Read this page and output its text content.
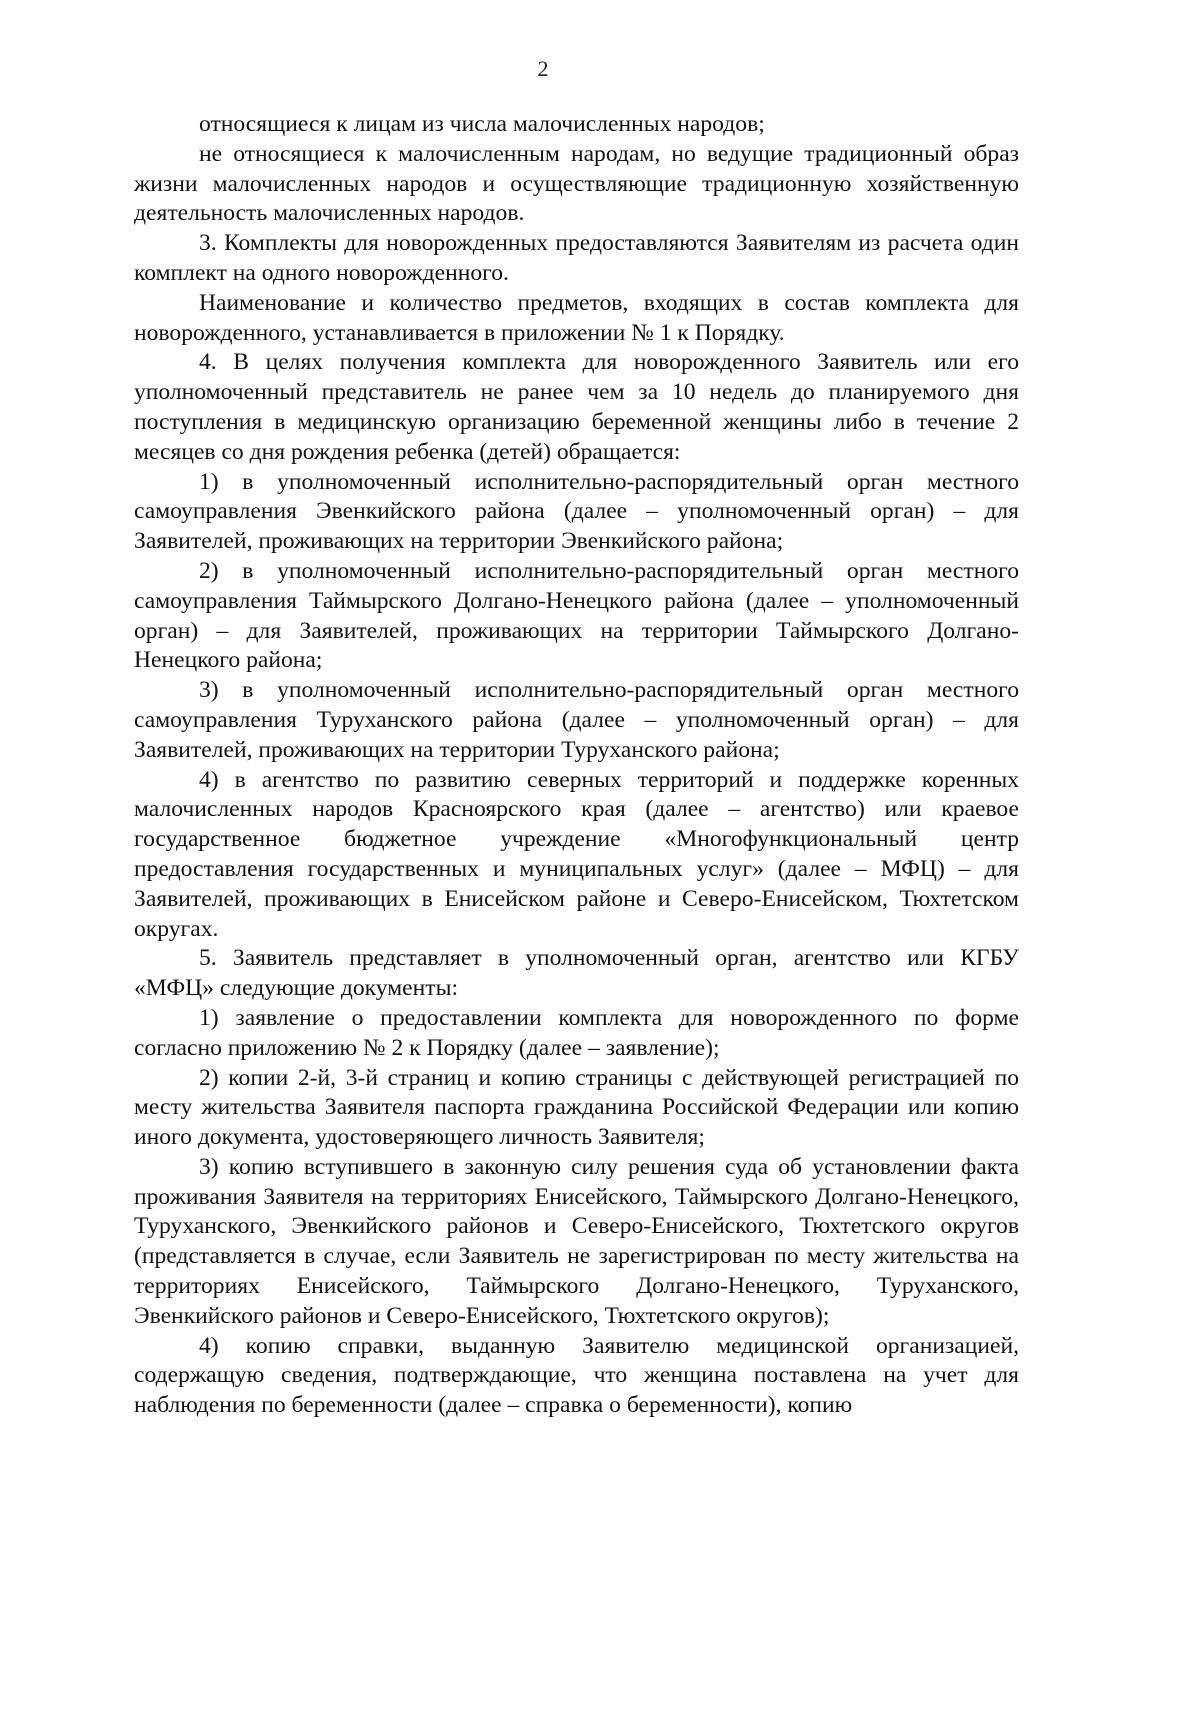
2

относящиеся к лицам из числа малочисленных народов;

не относящиеся к малочисленным народам, но ведущие традиционный образ жизни малочисленных народов и осуществляющие традиционную хозяйственную деятельность малочисленных народов.

3. Комплекты для новорожденных предоставляются Заявителям из расчета один комплект на одного новорожденного.

Наименование и количество предметов, входящих в состав комплекта для новорожденного, устанавливается в приложении № 1 к Порядку.

4. В целях получения комплекта для новорожденного Заявитель или его уполномоченный представитель не ранее чем за 10 недель до планируемого дня поступления в медицинскую организацию беременной женщины либо в течение 2 месяцев со дня рождения ребенка (детей) обращается:

1) в уполномоченный исполнительно-распорядительный орган местного самоуправления Эвенкийского района (далее – уполномоченный орган) – для Заявителей, проживающих на территории Эвенкийского района;

2) в уполномоченный исполнительно-распорядительный орган местного самоуправления Таймырского Долгано-Ненецкого района (далее – уполномоченный орган) – для Заявителей, проживающих на территории Таймырского Долгано-Ненецкого района;

3) в уполномоченный исполнительно-распорядительный орган местного самоуправления Туруханского района (далее – уполномоченный орган) – для Заявителей, проживающих на территории Туруханского района;

4) в агентство по развитию северных территорий и поддержке коренных малочисленных народов Красноярского края (далее – агентство) или краевое государственное бюджетное учреждение «Многофункциональный центр предоставления государственных и муниципальных услуг» (далее – МФЦ) – для Заявителей, проживающих в Енисейском районе и Северо-Енисейском, Тюхтетском округах.

5. Заявитель представляет в уполномоченный орган, агентство или КГБУ «МФЦ» следующие документы:

1) заявление о предоставлении комплекта для новорожденного по форме согласно приложению № 2 к Порядку (далее – заявление);

2) копии 2-й, 3-й страниц и копию страницы с действующей регистрацией по месту жительства Заявителя паспорта гражданина Российской Федерации или копию иного документа, удостоверяющего личность Заявителя;

3) копию вступившего в законную силу решения суда об установлении факта проживания Заявителя на территориях Енисейского, Таймырского Долгано-Ненецкого, Туруханского, Эвенкийского районов и Северо-Енисейского, Тюхтетского округов (представляется в случае, если Заявитель не зарегистрирован по месту жительства на территориях Енисейского, Таймырского Долгано-Ненецкого, Туруханского, Эвенкийского районов и Северо-Енисейского, Тюхтетского округов);

4) копию справки, выданную Заявителю медицинской организацией, содержащую сведения, подтверждающие, что женщина поставлена на учет для наблюдения по беременности (далее – справка о беременности), копию
